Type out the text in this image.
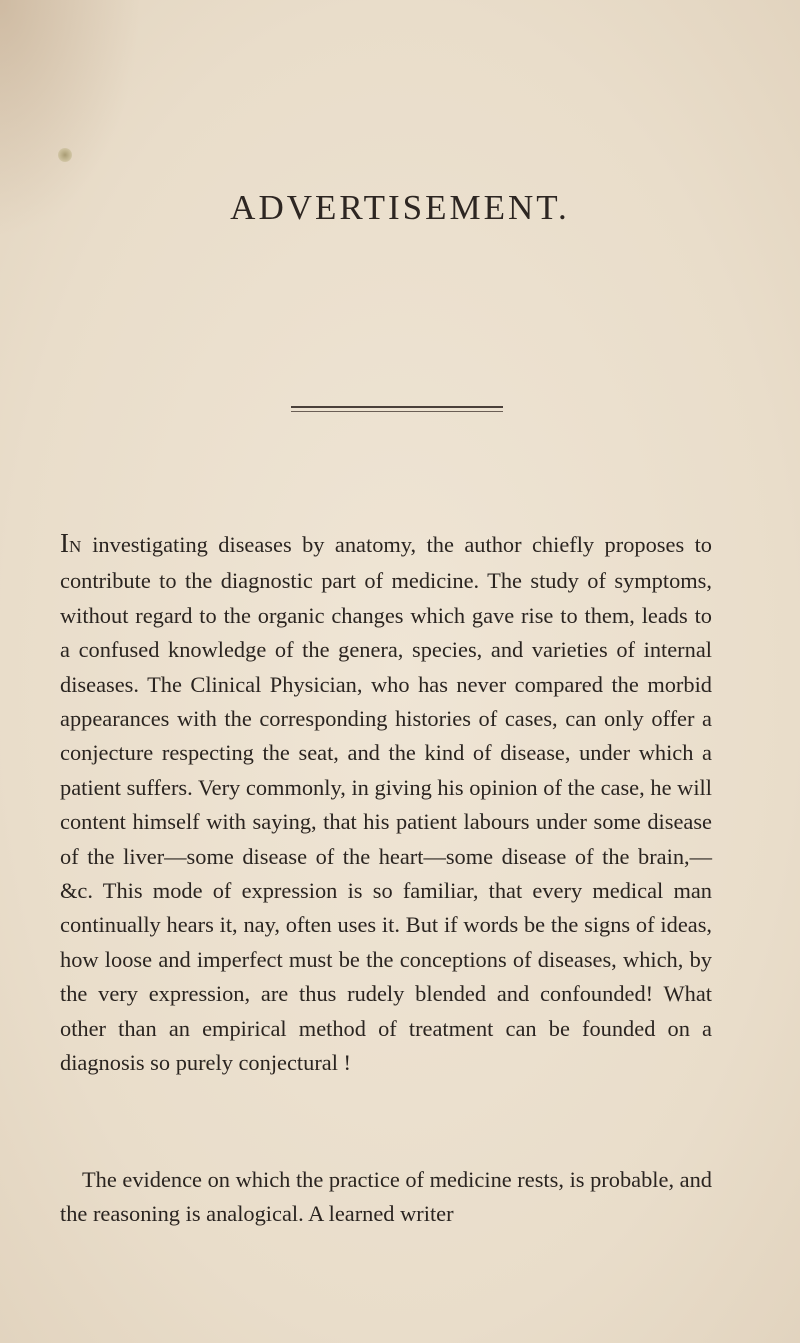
ADVERTISEMENT.

IN investigating diseases by anatomy, the author chiefly proposes to contribute to the diagnostic part of medicine. The study of symptoms, without regard to the organic changes which gave rise to them, leads to a confused knowledge of the genera, species, and varieties of internal diseases. The Clinical Physician, who has never compared the morbid appearances with the corresponding histories of cases, can only offer a conjecture respecting the seat, and the kind of disease, under which a patient suffers. Very commonly, in giving his opinion of the case, he will content himself with saying, that his patient labours under some disease of the liver—some disease of the heart—some disease of the brain,—&c. This mode of expression is so familiar, that every medical man continually hears it, nay, often uses it. But if words be the signs of ideas, how loose and imperfect must be the conceptions of diseases, which, by the very expression, are thus rudely blended and confounded! What other than an empirical method of treatment can be founded on a diagnosis so purely conjectural !

The evidence on which the practice of medicine rests, is probable, and the reasoning is analogical. A learned writer
